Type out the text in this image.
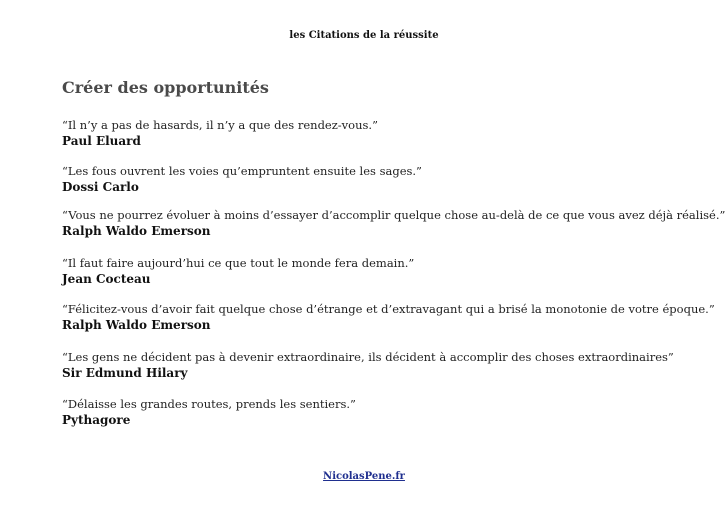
les Citations de la réussite
Créer des opportunités
“Il n’y a pas de hasards, il n’y a que des rendez-vous.”
Paul Eluard
“Les fous ouvrent les voies qu’empruntent ensuite les sages.”
Dossi Carlo
“Vous ne pourrez évoluer à moins d’essayer d’accomplir quelque chose au-delà de ce que vous avez déjà réalisé.”
Ralph Waldo Emerson
“Il faut faire aujourd’hui ce que tout le monde fera demain.”
Jean Cocteau
“Félicitez-vous d’avoir fait quelque chose d’étrange et d’extravagant qui a brisé la monotonie de votre époque.”
Ralph Waldo Emerson
“Les gens ne décident pas à devenir extraordinaire, ils décident à accomplir des choses extraordinaires”
Sir Edmund Hilary
“Délaisse les grandes routes, prends les sentiers.”
Pythagore
NicolasPene.fr
